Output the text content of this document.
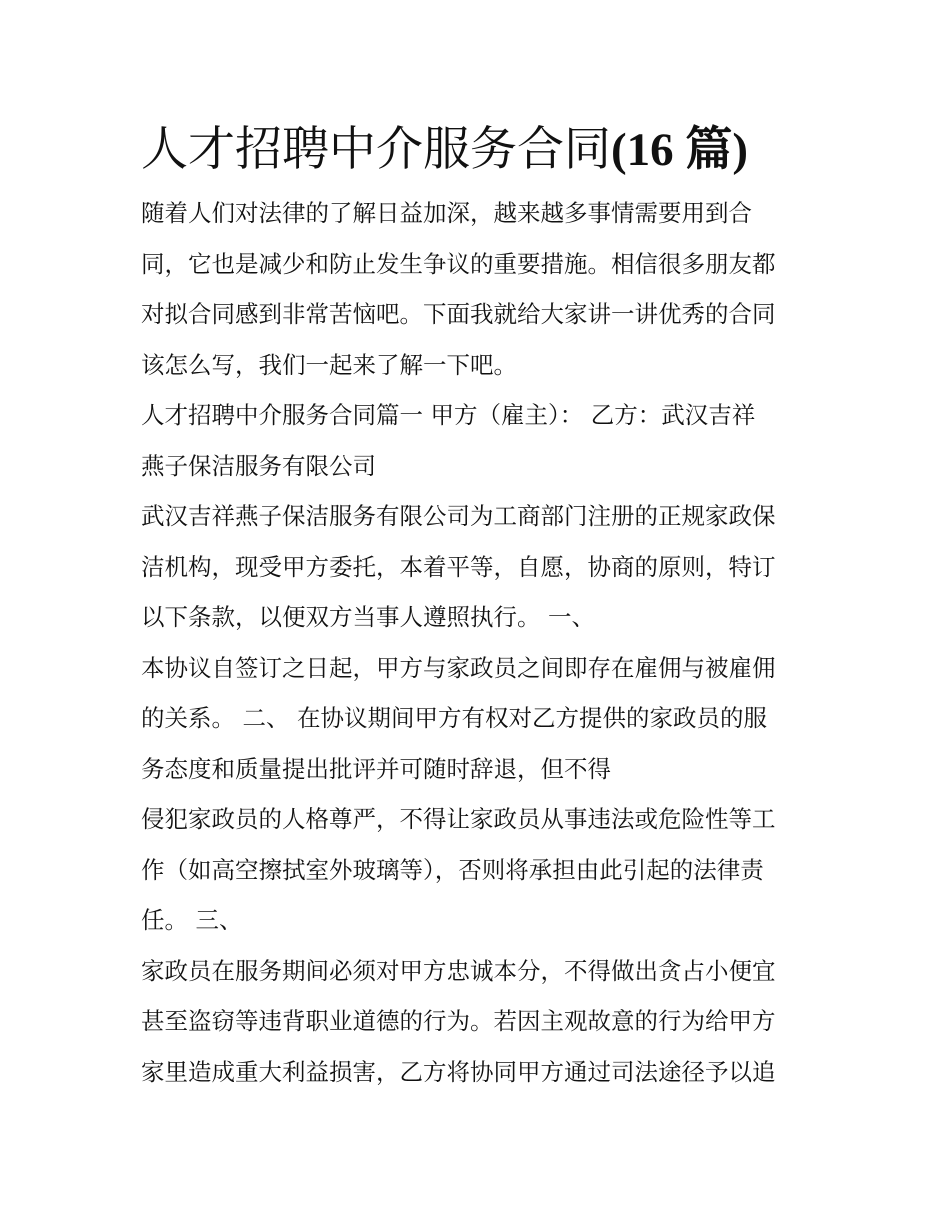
人才招聘中介服务合同(16 篇)
随着人们对法律的了解日益加深，越来越多事情需要用到合
同，它也是减少和防止发生争议的重要措施。相信很多朋友都
对拟合同感到非常苦恼吧。下面我就给大家讲一讲优秀的合同
该怎么写，我们一起来了解一下吧。
人才招聘中介服务合同篇一 甲方（雇主）： 乙方：武汉吉祥
燕子保洁服务有限公司
武汉吉祥燕子保洁服务有限公司为工商部门注册的正规家政保
洁机构，现受甲方委托，本着平等，自愿，协商的原则，特订
以下条款，以便双方当事人遵照执行。 一、
本协议自签订之日起，甲方与家政员之间即存在雇佣与被雇佣
的关系。 二、 在协议期间甲方有权对乙方提供的家政员的服
务态度和质量提出批评并可随时辞退，但不得
侵犯家政员的人格尊严，不得让家政员从事违法或危险性等工
作（如高空擦拭室外玻璃等），否则将承担由此引起的法律责
任。 三、
家政员在服务期间必须对甲方忠诚本分，不得做出贪占小便宜
甚至盗窃等违背职业道德的行为。若因主观故意的行为给甲方
家里造成重大利益损害，乙方将协同甲方通过司法途径予以追
